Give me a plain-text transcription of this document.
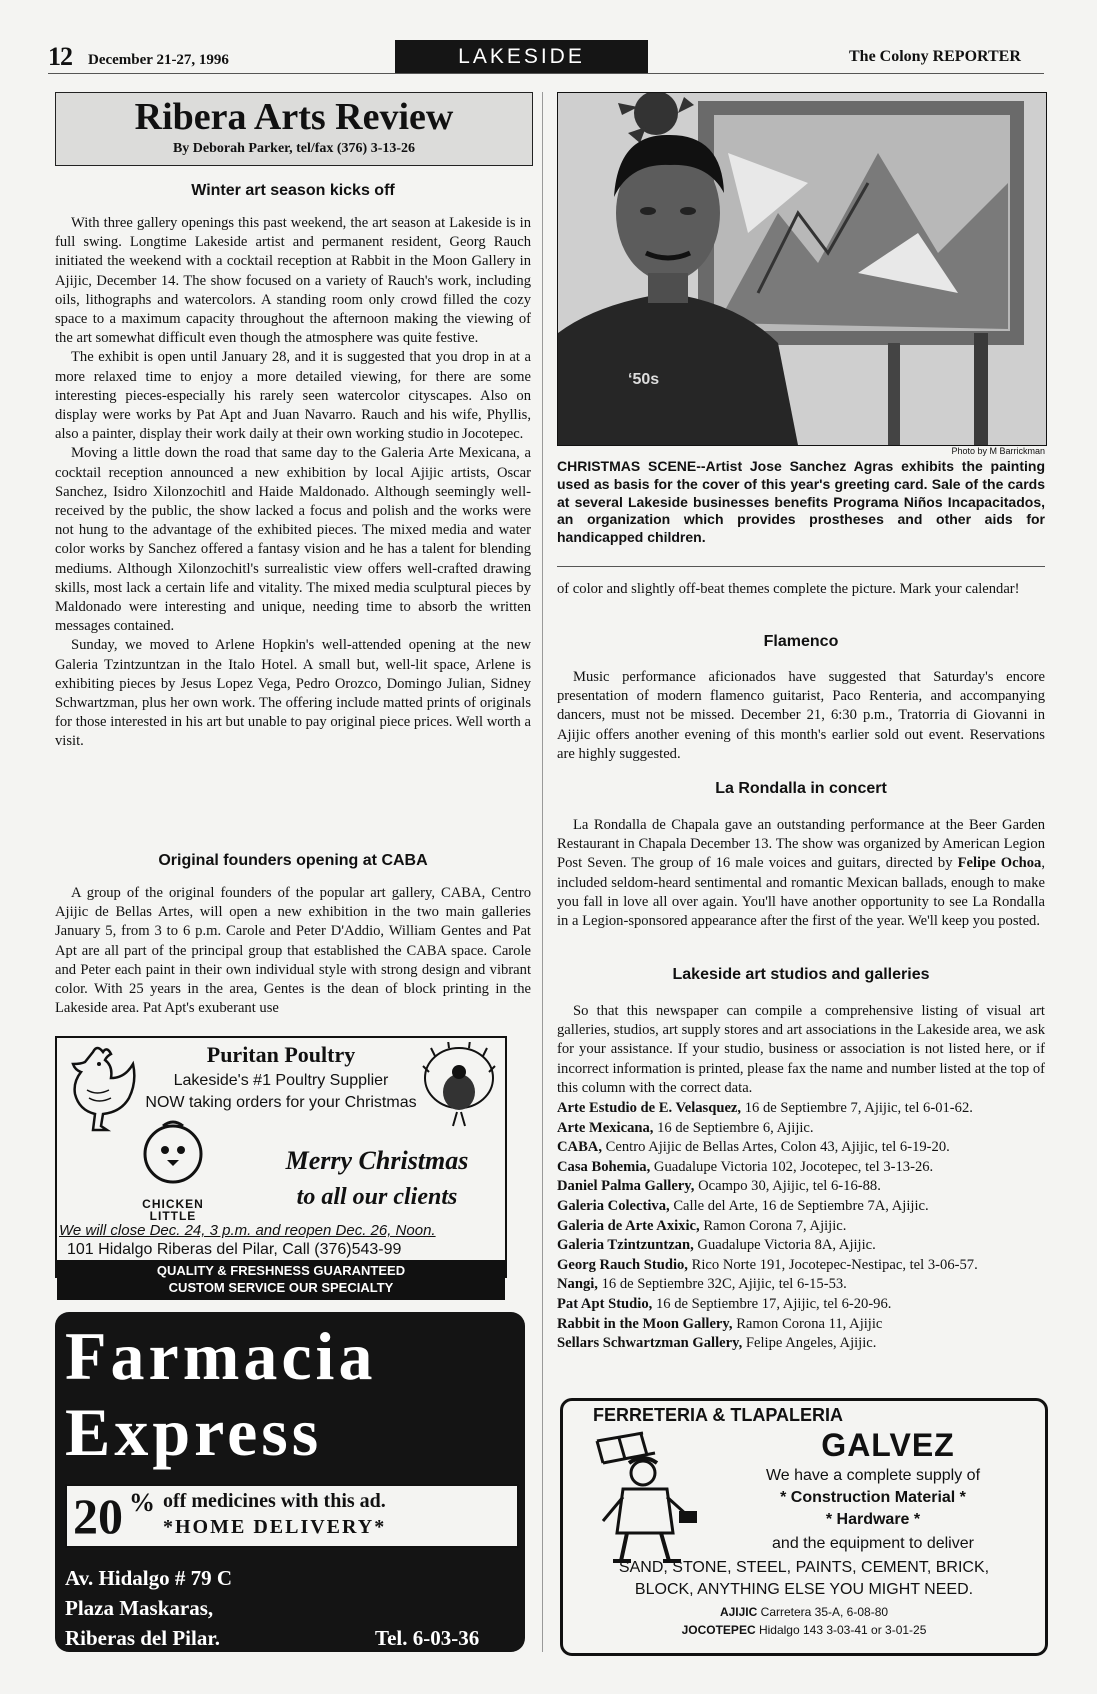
12 December 21-27, 1996	LAKESIDE	The Colony REPORTER
Ribera Arts Review
By Deborah Parker, tel/fax (376) 3-13-26
Winter art season kicks off

With three gallery openings this past weekend, the art season at Lakeside is in full swing. Longtime Lakeside artist and permanent resident, Georg Rauch initiated the weekend with a cocktail reception at Rabbit in the Moon Gallery in Ajijic, December 14. The show focused on a variety of Rauch's work, including oils, lithographs and watercolors. A standing room only crowd filled the cozy space to a maximum capacity throughout the afternoon making the viewing of the art somewhat difficult even though the atmosphere was quite festive.

The exhibit is open until January 28, and it is suggested that you drop in at a more relaxed time to enjoy a more detailed viewing, for there are some interesting pieces-especially his rarely seen watercolor cityscapes. Also on display were works by Pat Apt and Juan Navarro. Rauch and his wife, Phyllis, also a painter, display their work daily at their own working studio in Jocotepec.

Moving a little down the road that same day to the Galeria Arte Mexicana, a cocktail reception announced a new exhibition by local Ajijic artists, Oscar Sanchez, Isidro Xilonzochitl and Haide Maldonado. Although seemingly well-received by the public, the show lacked a focus and polish and the works were not hung to the advantage of the exhibited pieces. The mixed media and water color works by Sanchez offered a fantasy vision and he has a talent for blending mediums. Although Xilonzochitl's surrealistic view offers well-crafted drawing skills, most lack a certain life and vitality. The mixed media sculptural pieces by Maldonado were interesting and unique, needing time to absorb the written messages contained.

Sunday, we moved to Arlene Hopkin's well-attended opening at the new Galeria Tzintzuntzan in the Italo Hotel. A small but, well-lit space, Arlene is exhibiting pieces by Jesus Lopez Vega, Pedro Orozco, Domingo Julian, Sidney Schwartzman, plus her own work. The offering include matted prints of originals for those interested in his art but unable to pay original piece prices. Well worth a visit.

Original founders opening at CABA

A group of the original founders of the popular art gallery, CABA, Centro Ajijic de Bellas Artes, will open a new exhibition in the two main galleries January 5, from 3 to 6 p.m. Carole and Peter D'Addio, William Gentes and Pat Apt are all part of the principal group that established the CABA space. Carole and Peter each paint in their own individual style with strong design and vibrant color. With 25 years in the area, Gentes is the dean of block printing in the Lakeside area. Pat Apt's exuberant use

Puritan Poultry
Lakeside's #1 Poultry Supplier
NOW taking orders for your Christmas
CHICKEN LITTLE
Merry Christmas
to all our clients
We will close Dec. 24, 3 p.m. and reopen Dec. 26, Noon.
101 Hidalgo Riberas del Pilar, Call (376)543-99
QUALITY & FRESHNESS GUARANTEED
CUSTOM SERVICE OUR SPECIALTY
Farmacia
Express
20 % off medicines with this ad.
*HOME DELIVERY*
Av. Hidalgo # 79 C
Plaza Maskaras,
Riberas del Pilar.	Tel. 6-03-36
‘50s
Photo by M Barrickman
CHRISTMAS SCENE--Artist Jose Sanchez Agras exhibits the painting used as basis for the cover of this year's greeting card. Sale of the cards at several Lakeside businesses benefits Programa Niños Incapacitados, an organization which provides prostheses and other aids for handicapped children.

of color and slightly off-beat themes complete the picture. Mark your calendar!

Flamenco

Music performance aficionados have suggested that Saturday's encore presentation of modern flamenco guitarist, Paco Renteria, and accompanying dancers, must not be missed. December 21, 6:30 p.m., Tratorria di Giovanni in Ajijic offers another evening of this month's earlier sold out event. Reservations are highly suggested.

La Rondalla in concert

La Rondalla de Chapala gave an outstanding performance at the Beer Garden Restaurant in Chapala December 13. The show was organized by American Legion Post Seven. The group of 16 male voices and guitars, directed by Felipe Ochoa, included seldom-heard sentimental and romantic Mexican ballads, enough to make you fall in love all over again. You'll have another opportunity to see La Rondalla in a Legion-sponsored appearance after the first of the year. We'll keep you posted.

Lakeside art studios and galleries

So that this newspaper can compile a comprehensive listing of visual art galleries, studios, art supply stores and art associations in the Lakeside area, we ask for your assistance. If your studio, business or association is not listed here, or if incorrect information is printed, please fax the name and number listed at the top of this column with the correct data.

Arte Estudio de E. Velasquez, 16 de Septiembre 7, Ajijic, tel 6-01-62.
Arte Mexicana, 16 de Septiembre 6, Ajijic.
CABA, Centro Ajijic de Bellas Artes, Colon 43, Ajijic, tel 6-19-20.
Casa Bohemia, Guadalupe Victoria 102, Jocotepec, tel 3-13-26.
Daniel Palma Gallery, Ocampo 30, Ajijic, tel 6-16-88.
Galeria Colectiva, Calle del Arte, 16 de Septiembre 7A, Ajijic.
Galeria de Arte Axixic, Ramon Corona 7, Ajijic.
Galeria Tzintzuntzan, Guadalupe Victoria 8A, Ajijic.
Georg Rauch Studio, Rico Norte 191, Jocotepec-Nestipac, tel 3-06-57.
Nangi, 16 de Septiembre 32C, Ajijic, tel 6-15-53.
Pat Apt Studio, 16 de Septiembre 17, Ajijic, tel 6-20-96.
Rabbit in the Moon Gallery, Ramon Corona 11, Ajijic
Sellars Schwartzman Gallery, Felipe Angeles, Ajijic.
FERRETERIA & TLAPALERIA
GALVEZ
We have a complete supply of
* Construction Material *
* Hardware *
and the equipment to deliver
SAND, STONE, STEEL, PAINTS, CEMENT, BRICK,
BLOCK, ANYTHING ELSE YOU MIGHT NEED.
AJIJIC Carretera 35-A, 6-08-80
JOCOTEPEC Hidalgo 143 3-03-41 or 3-01-25
